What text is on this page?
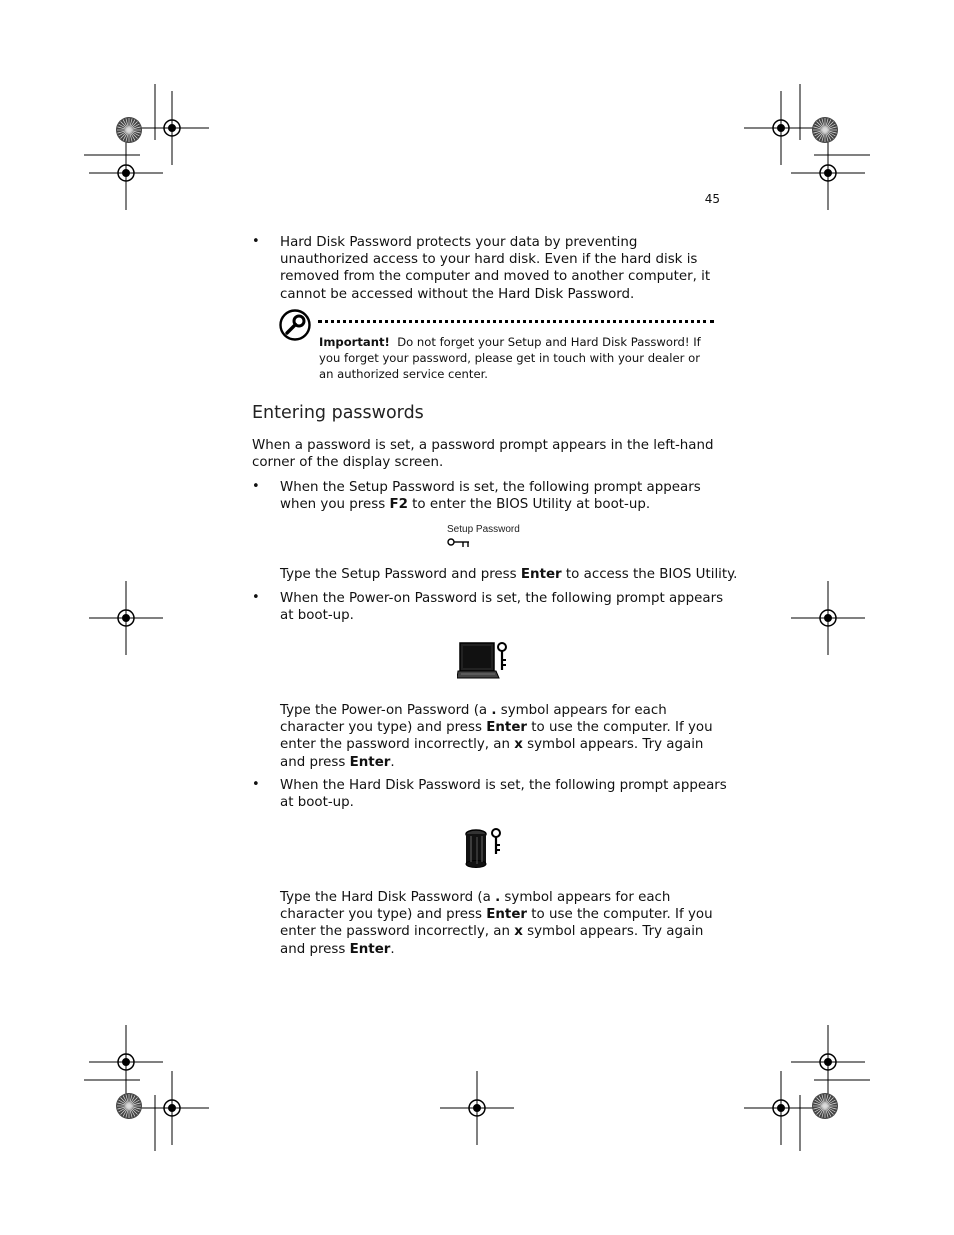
45
• Hard Disk Password protects your data by preventing
unauthorized access to your hard disk. Even if the hard disk is
removed from the computer and moved to another computer, it
cannot be accessed without the Hard Disk Password.
Important! Do not forget your Setup and Hard Disk Password! If
you forget your password, please get in touch with your dealer or
an authorized service center.
Entering passwords
When a password is set, a password prompt appears in the left-hand
corner of the display screen.
• When the Setup Password is set, the following prompt appears
when you press F2 to enter the BIOS Utility at boot-up.
Setup Password
Type the Setup Password and press Enter to access the BIOS Utility.
• When the Power-on Password is set, the following prompt appears
at boot-up.
Type the Power-on Password (a . symbol appears for each
character you type) and press Enter to use the computer. If you
enter the password incorrectly, an x symbol appears. Try again
and press Enter.
• When the Hard Disk Password is set, the following prompt appears
at boot-up.
Type the Hard Disk Password (a . symbol appears for each
character you type) and press Enter to use the computer. If you
enter the password incorrectly, an x symbol appears. Try again
and press Enter.
